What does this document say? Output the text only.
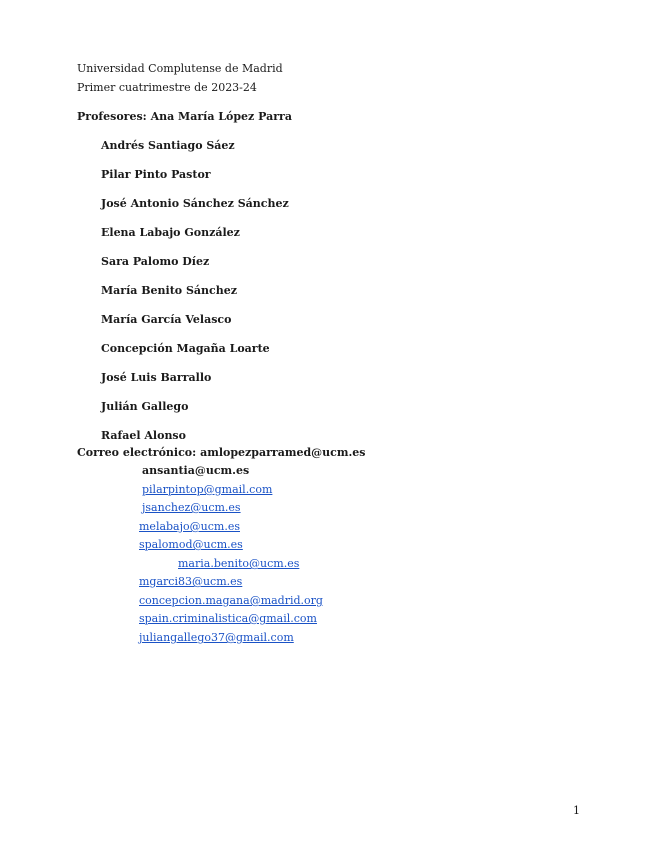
Universidad Complutense de Madrid
Primer cuatrimestre de 2023-24
Profesores: Ana María López Parra
Andrés Santiago Sáez
Pilar Pinto Pastor
José Antonio Sánchez Sánchez
Elena Labajo González
Sara Palomo Díez
María Benito Sánchez
María García Velasco
Concepción Magaña Loarte
José Luis Barrallo
Julián Gallego
Rafael Alonso
Correo electrónico: amlopezparramed@ucm.es
ansantia@ucm.es
pilarpintop@gmail.com
jsanchez@ucm.es
melabajo@ucm.es
spalomod@ucm.es
maria.benito@ucm.es
mgarci83@ucm.es
concepcion.magana@madrid.org
spain.criminalistica@gmail.com
juliangallego37@gmail.com
1
